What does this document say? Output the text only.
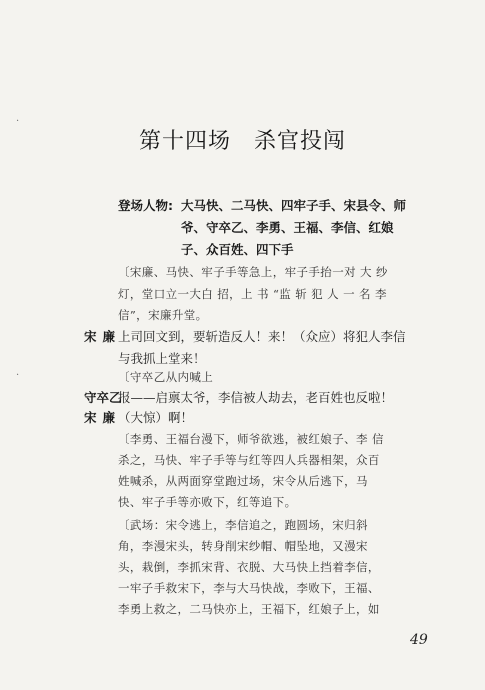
·
·
第十四场　杀官投闯
登场人物: 大马快、二马快、四牢子手、宋县令、师
爷、守卒乙、李勇、王福、李信、红娘
子、众百姓、四下手
〔宋廉、马快、牢子手等急上，牢子手抬一对 大 纱
灯，堂口立一大白 招，上 书 “监 斩 犯 人 一 名 李
信”，宋廉升堂。
宋廉
上司回文到，要斩造反人！来！（众应）将犯人李信
与我抓上堂来！
〔守卒乙从内喊上
守卒乙
报——启禀太爷，李信被人劫去，老百姓也反啦！
宋廉
（大惊）啊！
〔李勇、王福台漫下，师爷欲逃，被红娘子、李 信
杀之，马快、牢子手等与红等四人兵器相架，众百
姓喊杀，从两面穿堂跑过场，宋令从后逃下，马
快、牢子手等亦败下，红等追下。
〔武场：宋令逃上，李信追之，跑圆场，宋归斜
角，李漫宋头，转身削宋纱帽、帽坠地，又漫宋
头，栽倒，李抓宋背、衣脱、大马快上挡着李信，
一牢子手救宋下，李与大马快战，李败下，王福、
李勇上救之，二马快亦上，王福下，红娘子上，如
49
